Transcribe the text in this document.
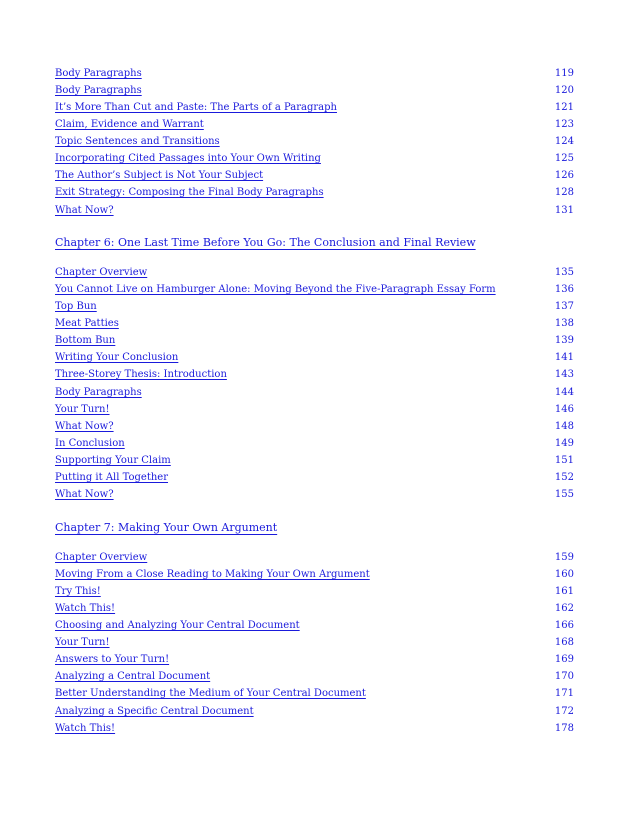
Body Paragraphs	119
Body Paragraphs	120
It’s More Than Cut and Paste: The Parts of a Paragraph	121
Claim, Evidence and Warrant	123
Topic Sentences and Transitions	124
Incorporating Cited Passages into Your Own Writing	125
The Author’s Subject is Not Your Subject	126
Exit Strategy: Composing the Final Body Paragraphs	128
What Now?	131
Chapter 6: One Last Time Before You Go: The Conclusion and Final Review
Chapter Overview	135
You Cannot Live on Hamburger Alone: Moving Beyond the Five-Paragraph Essay Form	136
Top Bun	137
Meat Patties	138
Bottom Bun	139
Writing Your Conclusion	141
Three-Storey Thesis: Introduction	143
Body Paragraphs	144
Your Turn!	146
What Now?	148
In Conclusion	149
Supporting Your Claim	151
Putting it All Together	152
What Now?	155
Chapter 7: Making Your Own Argument
Chapter Overview	159
Moving From a Close Reading to Making Your Own Argument	160
Try This!	161
Watch This!	162
Choosing and Analyzing Your Central Document	166
Your Turn!	168
Answers to Your Turn!	169
Analyzing a Central Document	170
Better Understanding the Medium of Your Central Document	171
Analyzing a Specific Central Document	172
Watch This!	178
